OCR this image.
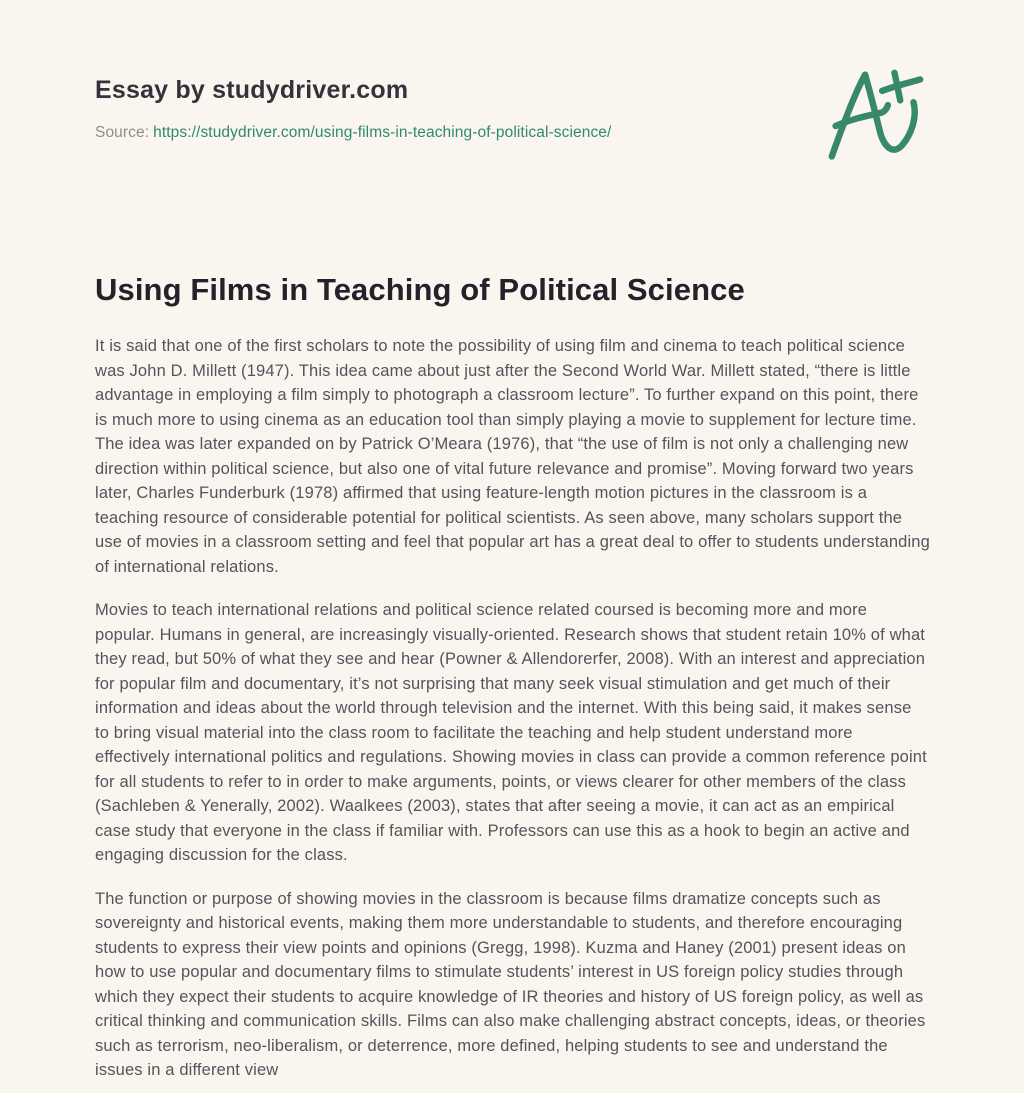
Essay by studydriver.com
Source: https://studydriver.com/using-films-in-teaching-of-political-science/
Using Films in Teaching of Political Science

It is said that one of the first scholars to note the possibility of using film and cinema to teach political science was John D. Millett (1947). This idea came about just after the Second World War. Millett stated, “there is little advantage in employing a film simply to photograph a classroom lecture”. To further expand on this point, there is much more to using cinema as an education tool than simply playing a movie to supplement for lecture time. The idea was later expanded on by Patrick O’Meara (1976), that “the use of film is not only a challenging new direction within political science, but also one of vital future relevance and promise”. Moving forward two years later, Charles Funderburk (1978) affirmed that using feature-length motion pictures in the classroom is a teaching resource of considerable potential for political scientists. As seen above, many scholars support the use of movies in a classroom setting and feel that popular art has a great deal to offer to students understanding of international relations.

Movies to teach international relations and political science related coursed is becoming more and more popular. Humans in general, are increasingly visually-oriented. Research shows that student retain 10% of what they read, but 50% of what they see and hear (Powner & Allendorerfer, 2008). With an interest and appreciation for popular film and documentary, it’s not surprising that many seek visual stimulation and get much of their information and ideas about the world through television and the internet. With this being said, it makes sense to bring visual material into the class room to facilitate the teaching and help student understand more effectively international politics and regulations. Showing movies in class can provide a common reference point for all students to refer to in order to make arguments, points, or views clearer for other members of the class (Sachleben & Yenerally, 2002). Waalkees (2003), states that after seeing a movie, it can act as an empirical case study that everyone in the class if familiar with. Professors can use this as a hook to begin an active and engaging discussion for the class.

The function or purpose of showing movies in the classroom is because films dramatize concepts such as sovereignty and historical events, making them more understandable to students, and therefore encouraging students to express their view points and opinions (Gregg, 1998). Kuzma and Haney (2001) present ideas on how to use popular and documentary films to stimulate students’ interest in US foreign policy studies through which they expect their students to acquire knowledge of IR theories and history of US foreign policy, as well as critical thinking and communication skills. Films can also make challenging abstract concepts, ideas, or theories such as terrorism, neo-liberalism, or deterrence, more defined, helping students to see and understand the issues in a different view
